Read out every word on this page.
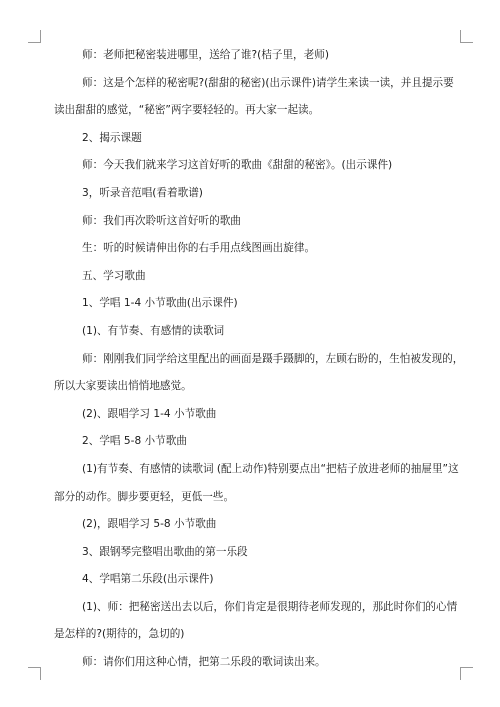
师：老师把秘密装进哪里，送给了谁?(桔子里，老师)

师：这是个怎样的秘密呢?(甜甜的秘密)(出示课件)请学生来读一读，并且提示要

读出甜甜的感觉，“秘密”两字要轻轻的。再大家一起读。

2、揭示课题

师：今天我们就来学习这首好听的歌曲《甜甜的秘密》。(出示课件)

3，听录音范唱(看着歌谱)

师：我们再次聆听这首好听的歌曲

生：听的时候请伸出你的右手用点线图画出旋律。

五、学习歌曲

1、学唱 1-4 小节歌曲(出示课件)

(1)、有节奏、有感情的读歌词

师：刚刚我们同学给这里配出的画面是蹑手蹑脚的，左顾右盼的，生怕被发现的，

所以大家要读出悄悄地感觉。

(2)、跟唱学习 1-4 小节歌曲

2、学唱 5-8 小节歌曲

(1)有节奏、有感情的读歌词 (配上动作)特别要点出“把桔子放进老师的抽屉里”这

部分的动作。脚步要更轻，更低一些。

(2)，跟唱学习 5-8 小节歌曲

3、跟钢琴完整唱出歌曲的第一乐段

4、学唱第二乐段(出示课件)

(1)、师：把秘密送出去以后，你们肯定是很期待老师发现的，那此时你们的心情

是怎样的?(期待的，急切的)

师：请你们用这种心情，把第二乐段的歌词读出来。
